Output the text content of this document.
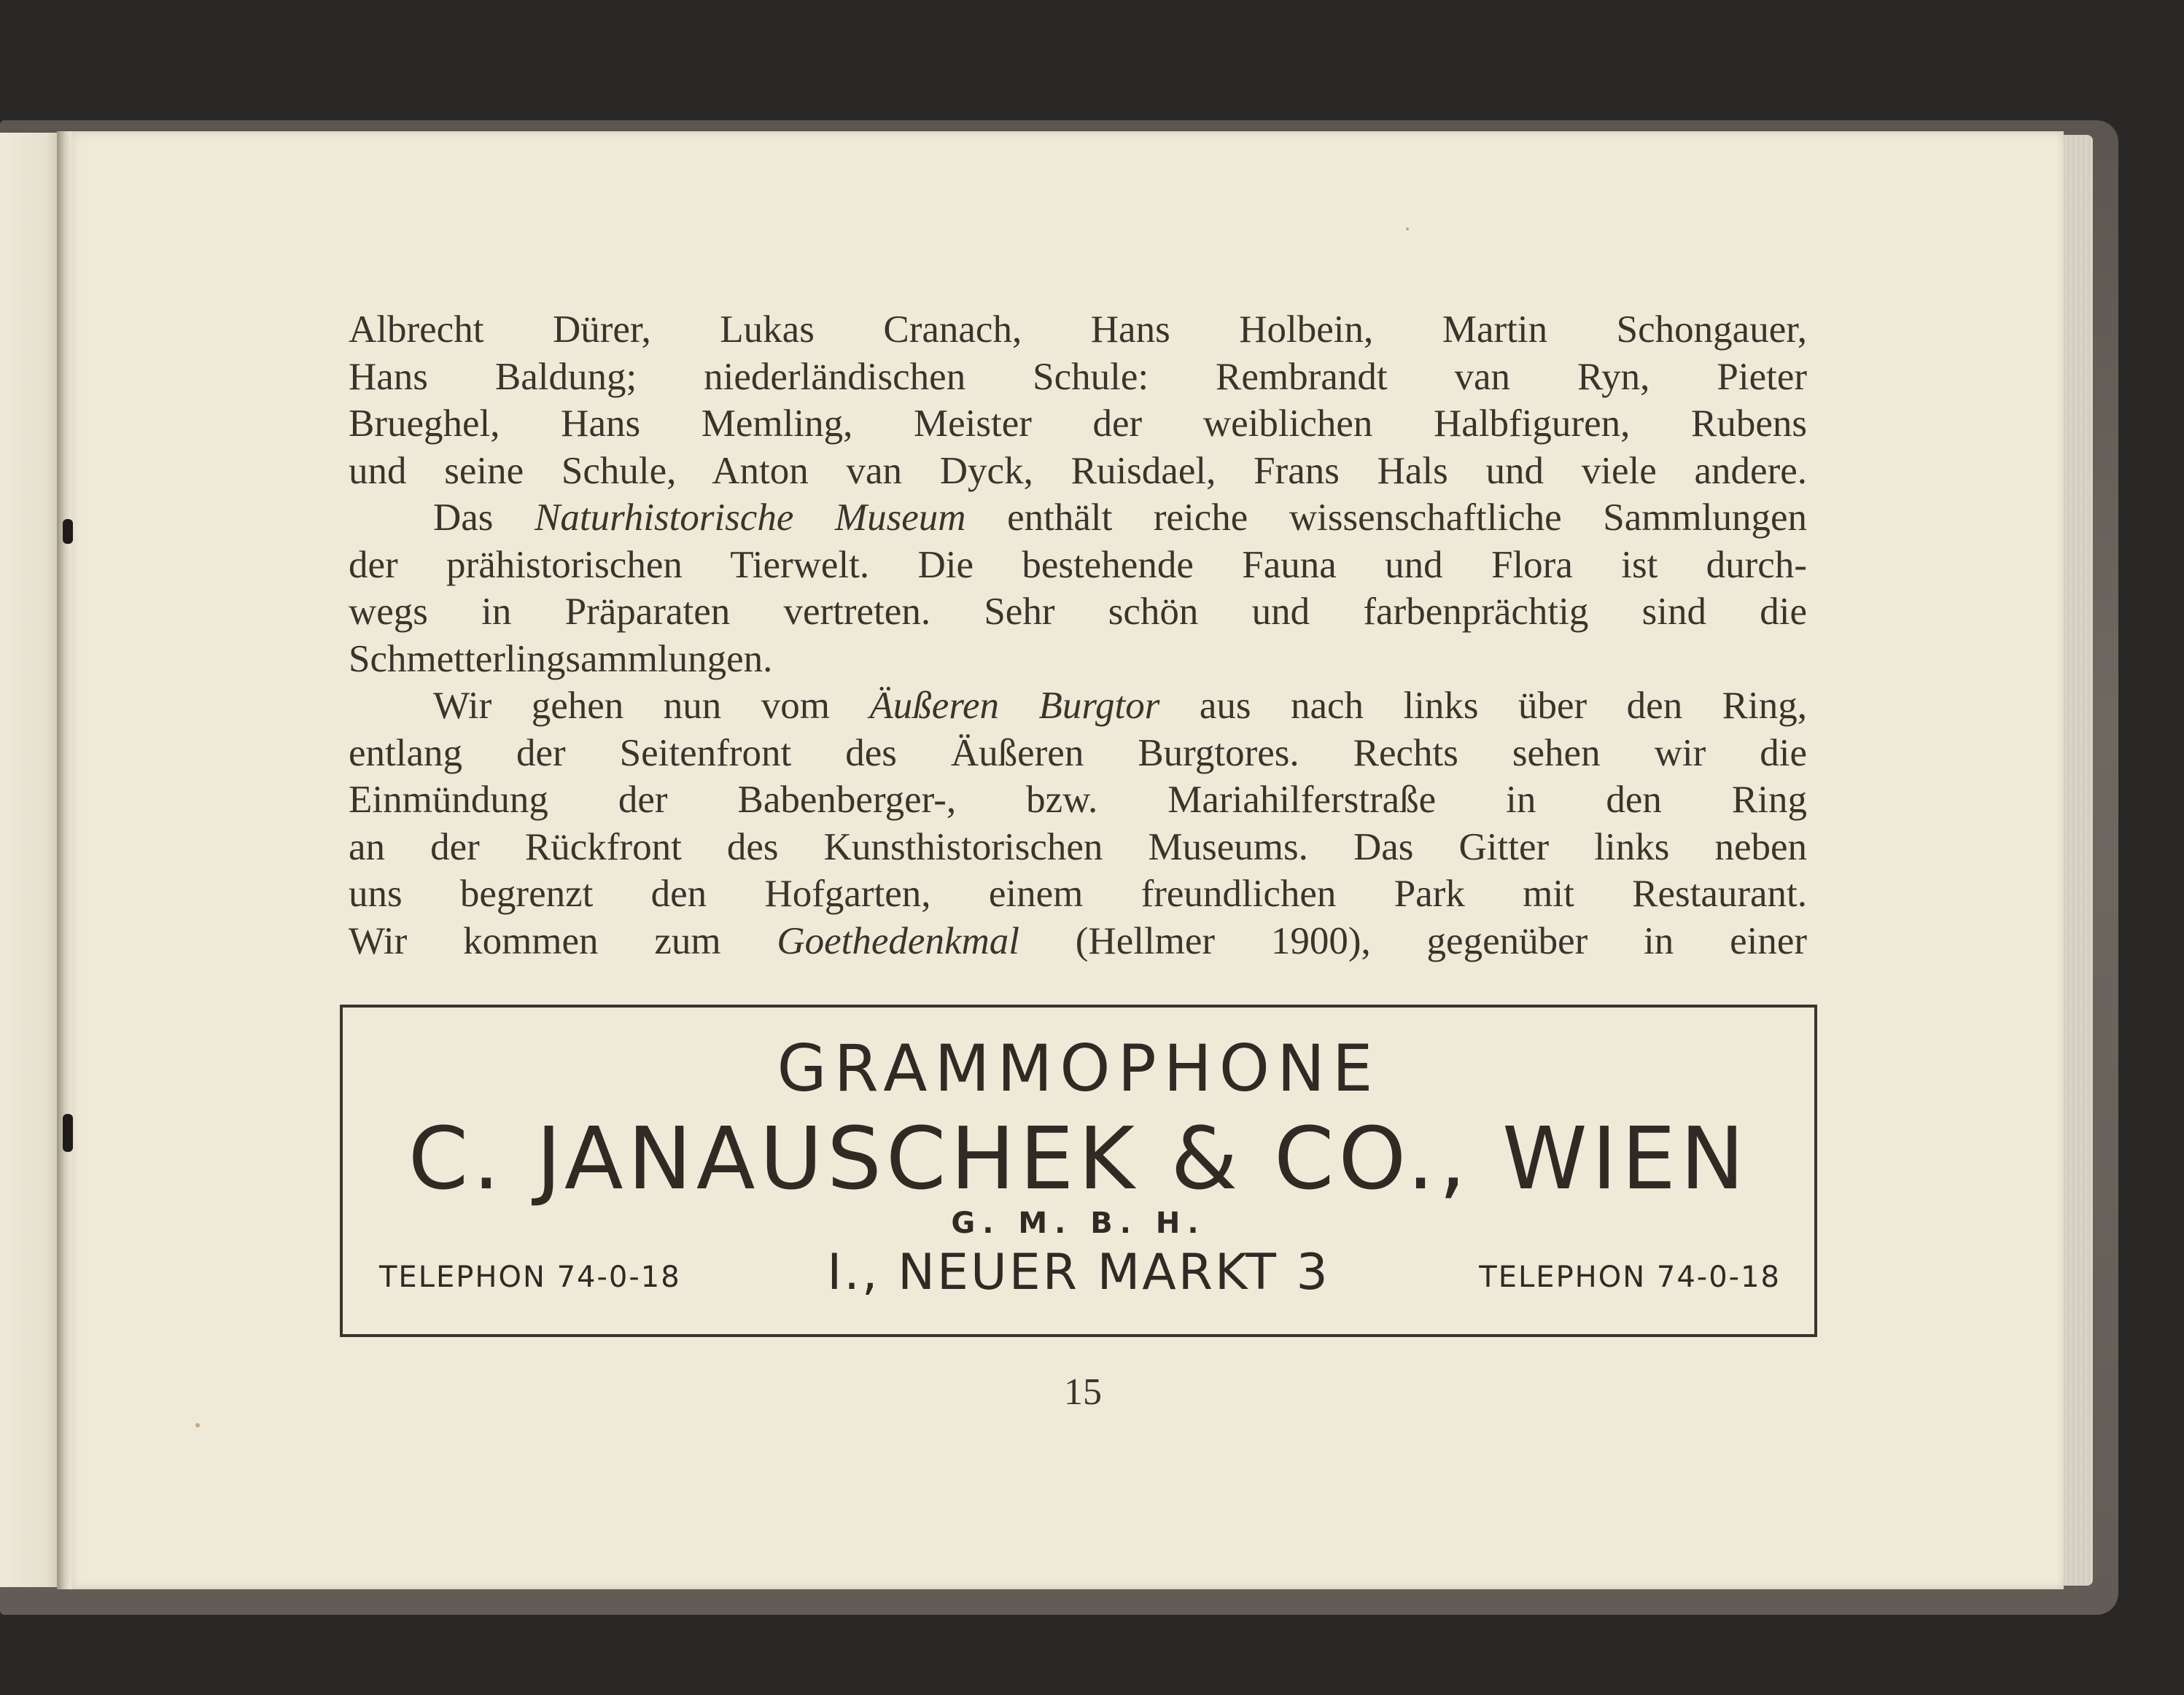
Albrecht Dürer, Lukas Cranach, Hans Holbein, Martin Schongauer,
Hans Baldung; niederländischen Schule: Rembrandt van Ryn, Pieter
Brueghel, Hans Memling, Meister der weiblichen Halbfiguren, Rubens
und seine Schule, Anton van Dyck, Ruisdael, Frans Hals und viele andere.
Das Naturhistorische Museum enthält reiche wissenschaftliche Sammlungen
der prähistorischen Tierwelt. Die bestehende Fauna und Flora ist durch-
wegs in Präparaten vertreten. Sehr schön und farbenprächtig sind die
Schmetterlingsammlungen.
Wir gehen nun vom Äußeren Burgtor aus nach links über den Ring,
entlang der Seitenfront des Äußeren Burgtores. Rechts sehen wir die
Einmündung der Babenberger-, bzw. Mariahilferstraße in den Ring
an der Rückfront des Kunsthistorischen Museums. Das Gitter links neben
uns begrenzt den Hofgarten, einem freundlichen Park mit Restaurant.
Wir kommen zum Goethedenkmal (Hellmer 1900), gegenüber in einer
GRAMMOPHONE
C. JANAUSCHEK & CO., WIEN
G. M. B. H.
I., NEUER MARKT 3
TELEPHON 74-0-18	TELEPHON 74-0-18
15
